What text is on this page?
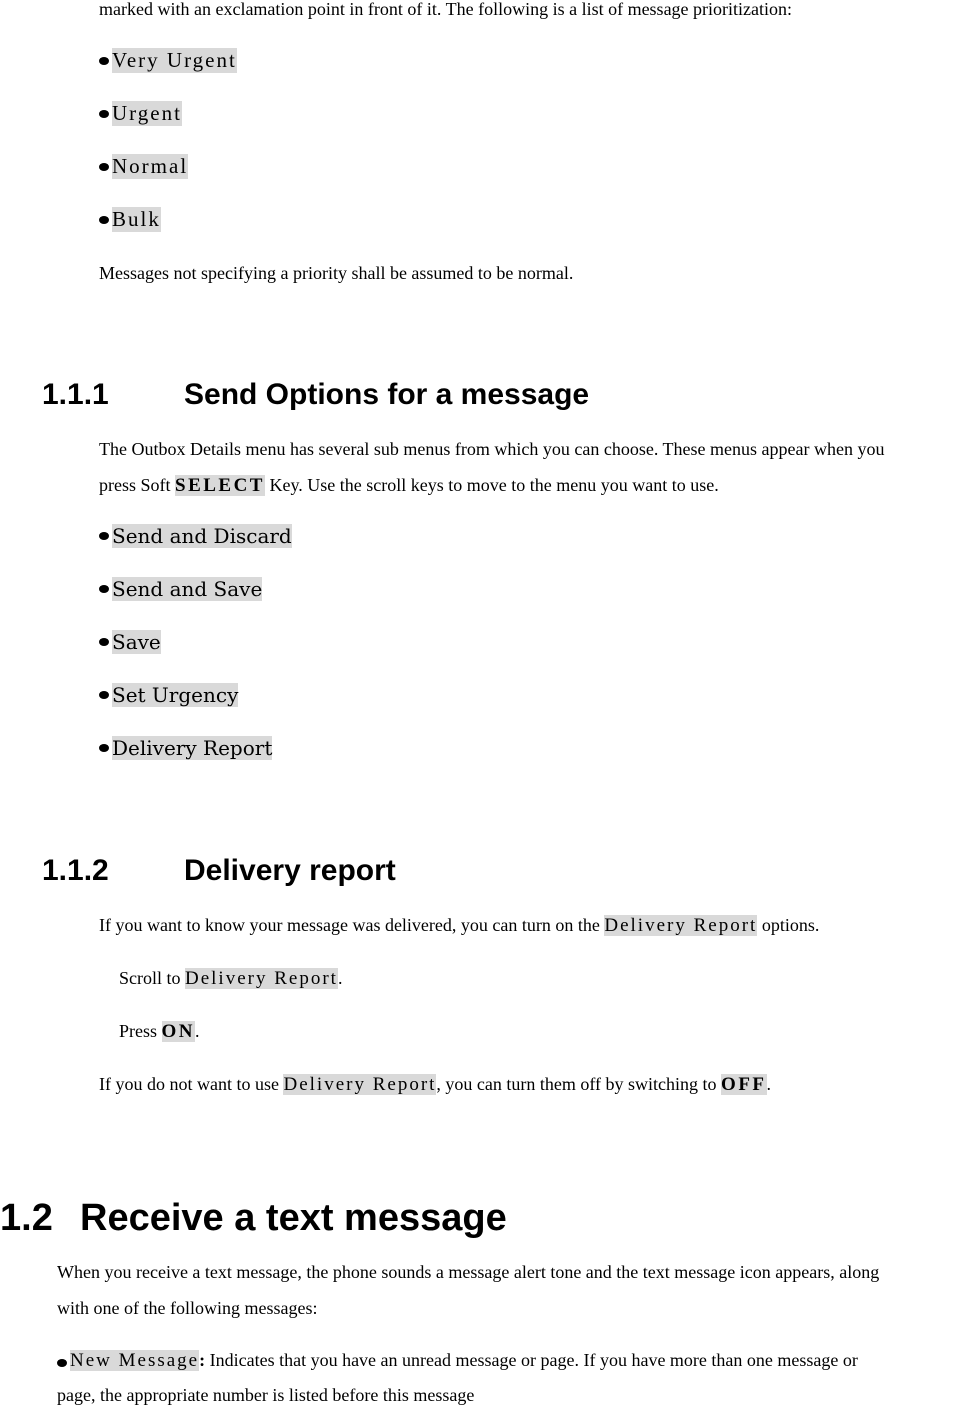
marked with an exclamation point in front of it. The following is a list of message prioritization:
Very Urgent
Urgent
Normal
Bulk
Messages not specifying a priority shall be assumed to be normal.
1.1.1	Send Options for a message
The Outbox Details menu has several sub menus from which you can choose. These menus appear when you
press Soft SELECT Key. Use the scroll keys to move to the menu you want to use.
Send and Discard
Send and Save
Save
Set Urgency
Delivery Report
1.1.2	Delivery report
If you want to know your message was delivered, you can turn on the Delivery Report options.
Scroll to Delivery Report.
Press ON.
If you do not want to use Delivery Report, you can turn them off by switching to OFF.
1.2 Receive a text message
When you receive a text message, the phone sounds a message alert tone and the text message icon appears, along
with one of the following messages:
New Message: Indicates that you have an unread message or page. If you have more than one message or
page, the appropriate number is listed before this message
